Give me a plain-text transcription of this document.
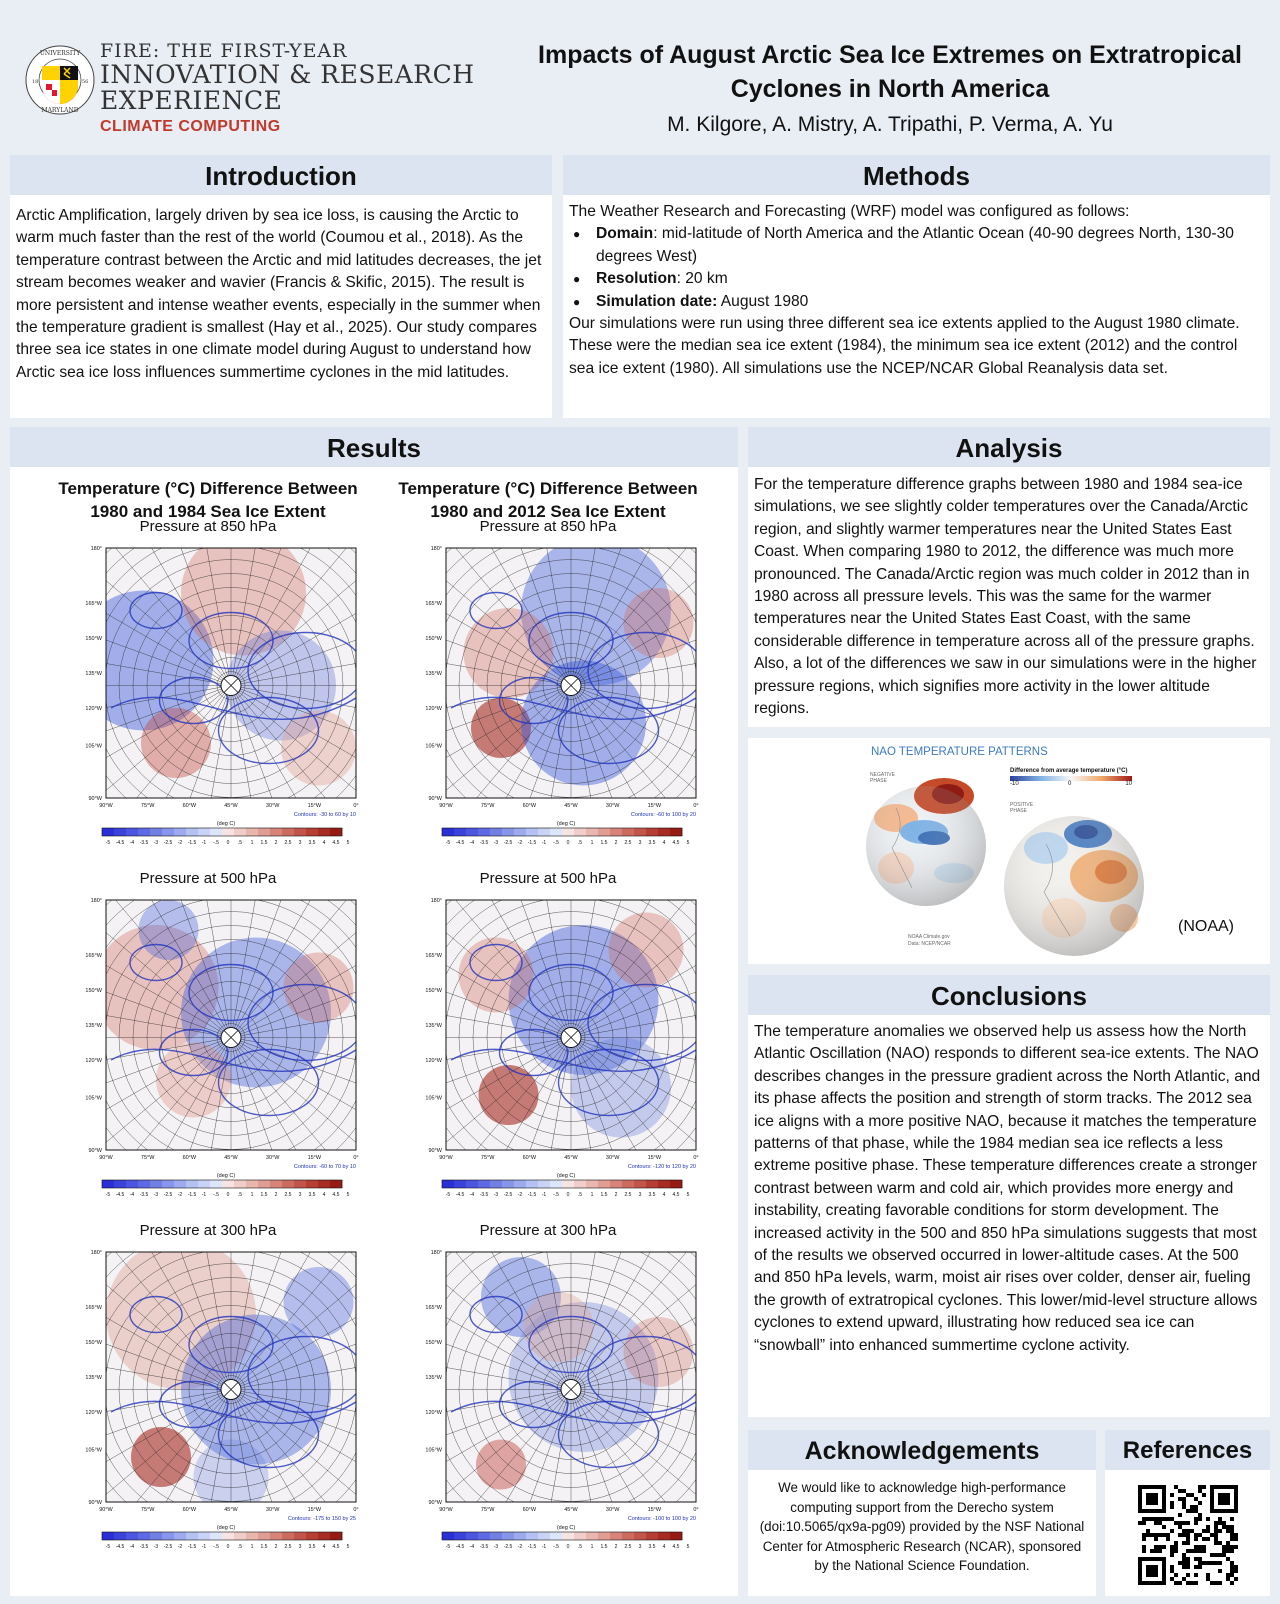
UNIVERSITY
MARYLAND
18	56
FIRE: THE FIRST-YEAR
INNOVATION & RESEARCH
EXPERIENCE
CLIMATE COMPUTING
Impacts of August Arctic Sea Ice Extremes on Extratropical
Cyclones in North America
M. Kilgore, A. Mistry, A. Tripathi, P. Verma, A. Yu
Introduction
Arctic Amplification, largely driven by sea ice loss, is causing the Arctic to warm much faster than the rest of the world (Coumou et al., 2018). As the temperature contrast between the Arctic and mid latitudes decreases, the jet stream becomes weaker and wavier (Francis & Skific, 2015). The result is more persistent and intense weather events, especially in the summer when the temperature gradient is smallest (Hay et al., 2025). Our study compares three sea ice states in one climate model during August to understand how Arctic sea ice loss influences summertime cyclones in the mid latitudes.
Methods
The Weather Research and Forecasting (WRF) model was configured as follows:
● Domain: mid-latitude of North America and the Atlantic Ocean (40-90 degrees North, 130-30 degrees West)
● Resolution: 20 km
● Simulation date: August 1980
Our simulations were run using three different sea ice extents applied to the August 1980 climate. These were the median sea ice extent (1984), the minimum sea ice extent (2012) and the control sea ice extent (1980). All simulations use the NCEP/NCAR Global Reanalysis data set.
Results
Temperature (°C) Difference Between
1980 and 1984 Sea Ice Extent
Pressure at 850 hPa
180°
165°W
150°W
135°W
120°W
105°W
90°W
90°W	75°W	60°W	45°W	30°W	15°W	0°
Contours: -30 to 60 by 10
(deg C)
-5 -4.5 -4 -3.5 -3 -2.5 -2 -1.5 -1 -.5 0 .5 1 1.5 2 2.5 3 3.5 4 4.5 5
Pressure at 500 hPa
180°
165°W
150°W
135°W
120°W
105°W
90°W
90°W	75°W	60°W	45°W	30°W	15°W	0°
Contours: -60 to 70 by 10
(deg C)
-5 -4.5 -4 -3.5 -3 -2.5 -2 -1.5 -1 -.5 0 .5 1 1.5 2 2.5 3 3.5 4 4.5 5
Pressure at 300 hPa
180°
165°W
150°W
135°W
120°W
105°W
90°W
90°W	75°W	60°W	45°W	30°W	15°W	0°
Contours: -175 to 150 by 25
(deg C)
-5 -4.5 -4 -3.5 -3 -2.5 -2 -1.5 -1 -.5 0 .5 1 1.5 2 2.5 3 3.5 4 4.5 5
Temperature (°C) Difference Between
1980 and 2012 Sea Ice Extent
Pressure at 850 hPa
180°
165°W
150°W
135°W
120°W
105°W
90°W
90°W	75°W	60°W	45°W	30°W	15°W	0°
Contours: -60 to 100 by 20
(deg C)
-5 -4.5 -4 -3.5 -3 -2.5 -2 -1.5 -1 -.5 0 .5 1 1.5 2 2.5 3 3.5 4 4.5 5
Pressure at 500 hPa
180°
165°W
150°W
135°W
120°W
105°W
90°W
90°W	75°W	60°W	45°W	30°W	15°W	0°
Contours: -120 to 120 by 20
(deg C)
-5 -4.5 -4 -3.5 -3 -2.5 -2 -1.5 -1 -.5 0 .5 1 1.5 2 2.5 3 3.5 4 4.5 5
Pressure at 300 hPa
180°
165°W
150°W
135°W
120°W
105°W
90°W
90°W	75°W	60°W	45°W	30°W	15°W	0°
Contours: -100 to 100 by 20
(deg C)
-5 -4.5 -4 -3.5 -3 -2.5 -2 -1.5 -1 -.5 0 .5 1 1.5 2 2.5 3 3.5 4 4.5 5
Analysis
For the temperature difference graphs between 1980 and 1984 sea-ice simulations, we see slightly colder temperatures over the Canada/Arctic region, and slightly warmer temperatures near the United States East Coast. When comparing 1980 to 2012, the difference was much more pronounced. The Canada/Arctic region was much colder in 2012 than in 1980 across all pressure levels. This was the same for the warmer temperatures near the United States East Coast, with the same considerable difference in temperature across all of the pressure graphs. Also, a lot of the differences we saw in our simulations were in the higher pressure regions, which signifies more activity in the lower altitude regions.
NAO TEMPERATURE PATTERNS
Difference from average temperature (°C)
-10	0	10
NEGATIVE PHASE
POSITIVE PHASE
NOAA Climate.gov
Data: NCEP/NCAR
(NOAA)
Conclusions
The temperature anomalies we observed help us assess how the North Atlantic Oscillation (NAO) responds to different sea-ice extents. The NAO describes changes in the pressure gradient across the North Atlantic, and its phase affects the position and strength of storm tracks. The 2012 sea ice aligns with a more positive NAO, because it matches the temperature patterns of that phase, while the 1984 median sea ice reflects a less extreme positive phase. These temperature differences create a stronger contrast between warm and cold air, which provides more energy and instability, creating favorable conditions for storm development. The increased activity in the 500 and 850 hPa simulations suggests that most of the results we observed occurred in lower-altitude cases. At the 500 and 850 hPa levels, warm, moist air rises over colder, denser air, fueling the growth of extratropical cyclones. This lower/mid-level structure allows cyclones to extend upward, illustrating how reduced sea ice can “snowball” into enhanced summertime cyclone activity.
Acknowledgements
We would like to acknowledge high-performance computing support from the Derecho system (doi:10.5065/qx9a-pg09) provided by the NSF National Center for Atmospheric Research (NCAR), sponsored by the National Science Foundation.
References
